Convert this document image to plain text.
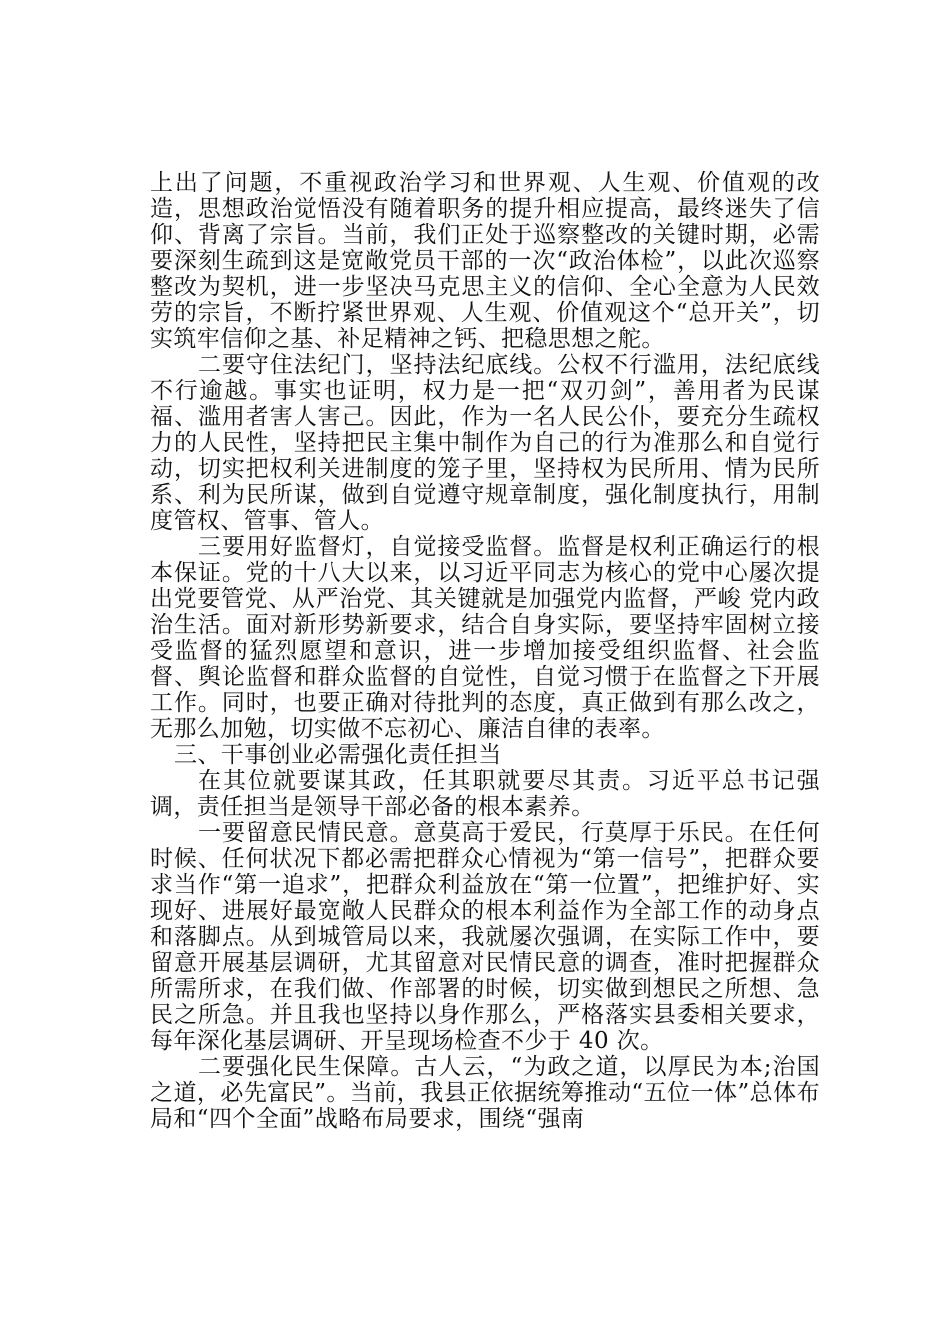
上出了问题，不重视政治学习和世界观、人生观、价值观的改造，思想政治觉悟没有随着职务的提升相应提高，最终迷失了信仰、背离了宗旨。当前，我们正处于巡察整改的关键时期，必需要深刻生疏到这是宽敞党员干部的一次“政治体检”，以此次巡察整改为契机，进一步坚决马克思主义的信仰、全心全意为人民效劳的宗旨，不断拧紧世界观、人生观、价值观这个“总开关”，切实筑牢信仰之基、补足精神之钙、把稳思想之舵。

二要守住法纪门，坚持法纪底线。公权不行滥用，法纪底线不行逾越。事实也证明，权力是一把“双刃剑”，善用者为民谋福、滥用者害人害己。因此，作为一名人民公仆，要充分生疏权力的人民性，坚持把民主集中制作为自己的行为准那么和自觉行动，切实把权利关进制度的笼子里，坚持权为民所用、情为民所系、利为民所谋，做到自觉遵守规章制度，强化制度执行，用制度管权、管事、管人。

三要用好监督灯，自觉接受监督。监督是权利正确运行的根本保证。党的十八大以来，以习近平同志为核心的党中心屡次提出党要管党、从严治党、其关键就是加强党内监督，严峻 党内政治生活。面对新形势新要求，结合自身实际，要坚持牢固树立接受监督的猛烈愿望和意识，进一步增加接受组织监督、社会监督、舆论监督和群众监督的自觉性，自觉习惯于在监督之下开展工作。同时，也要正确对待批判的态度，真正做到有那么改之，无那么加勉，切实做不忘初心、廉洁自律的表率。

三、干事创业必需强化责任担当

在其位就要谋其政，任其职就要尽其责。习近平总书记强调，责任担当是领导干部必备的根本素养。

一要留意民情民意。意莫高于爱民，行莫厚于乐民。在任何时候、任何状况下都必需把群众心情视为“第一信号”，把群众要求当作“第一追求”，把群众利益放在“第一位置”，把维护好、实现好、进展好最宽敞人民群众的根本利益作为全部工作的动身点和落脚点。从到城管局以来，我就屡次强调，在实际工作中，要留意开展基层调研，尤其留意对民情民意的调查，准时把握群众所需所求，在我们做、作部署的时候，切实做到想民之所想、急民之所急。并且我也坚持以身作那么，严格落实县委相关要求，每年深化基层调研、开呈现场检查不少于 40 次。

二要强化民生保障。古人云，“为政之道，以厚民为本;治国之道，必先富民”。当前，我县正依据统筹推动“五位一体”总体布局和“四个全面”战略布局要求，围绕“强南
